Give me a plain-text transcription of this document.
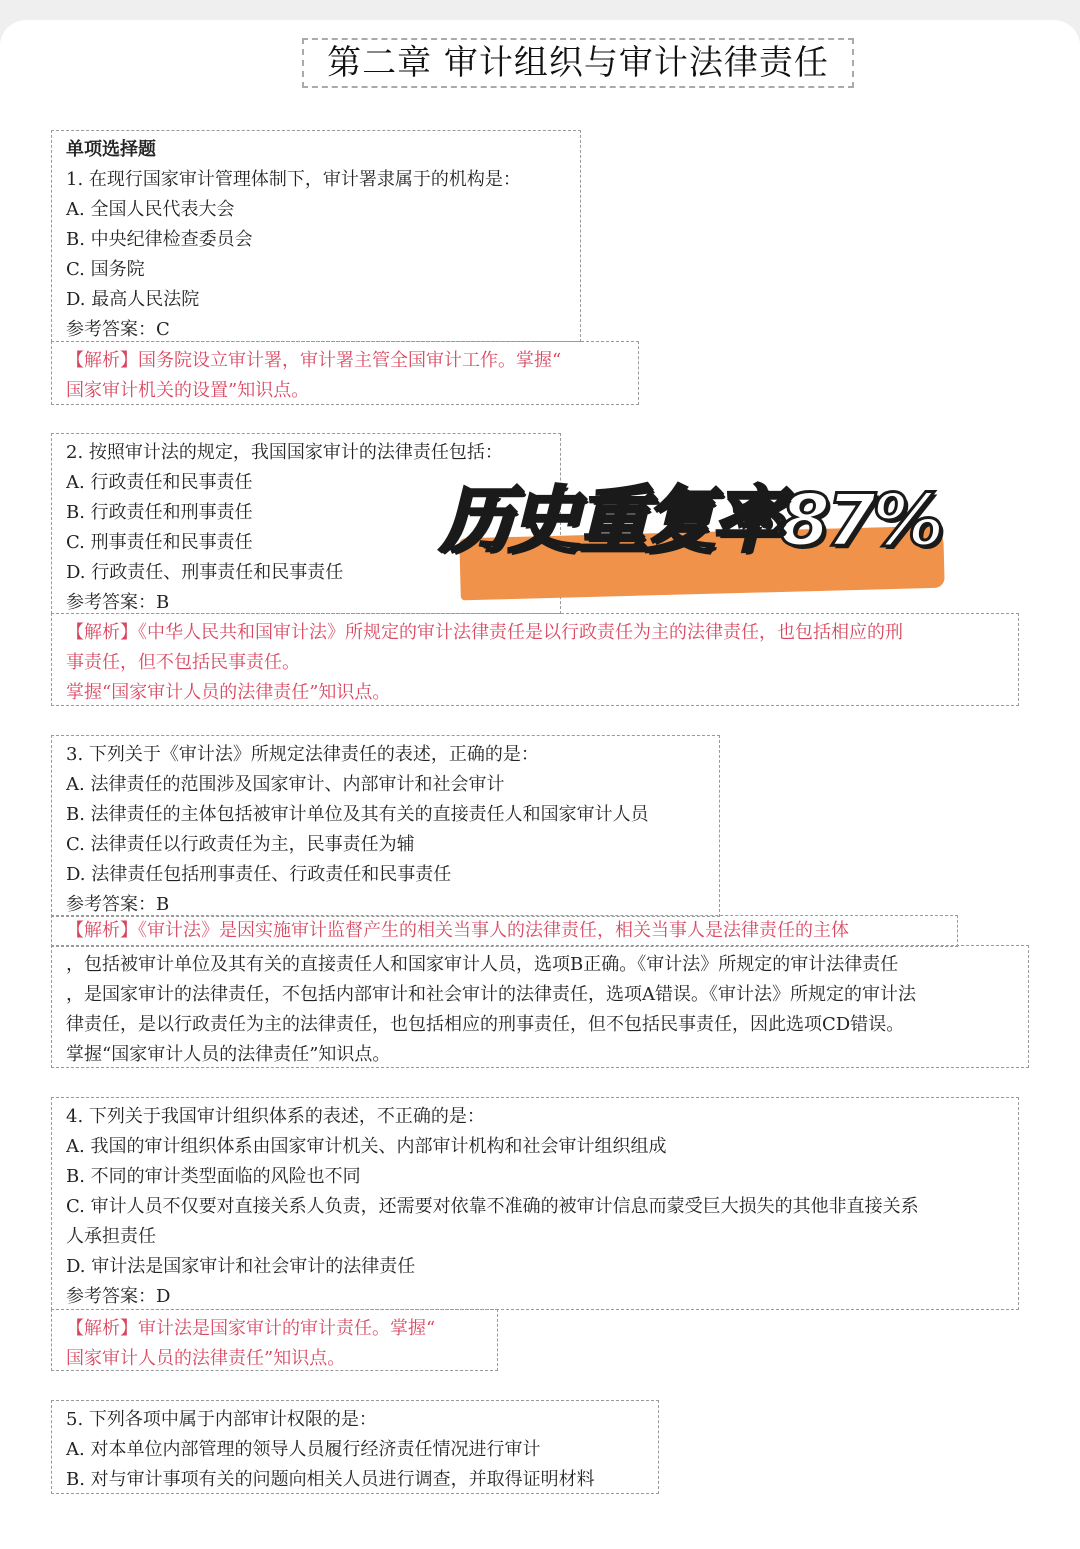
第二章 审计组织与审计法律责任
单项选择题
1. 在现行国家审计管理体制下，审计署隶属于的机构是：
A. 全国人民代表大会
B. 中央纪律检查委员会
C. 国务院
D. 最高人民法院
参考答案：C
【解析】国务院设立审计署，审计署主管全国审计工作。掌握“
国家审计机关的设置”知识点。
2. 按照审计法的规定，我国国家审计的法律责任包括：
A. 行政责任和民事责任
B. 行政责任和刑事责任
C. 刑事责任和民事责任
D. 行政责任、刑事责任和民事责任
参考答案：B
【解析】《中华人民共和国审计法》所规定的审计法律责任是以行政责任为主的法律责任，也包括相应的刑
事责任，但不包括民事责任。
掌握“国家审计人员的法律责任”知识点。
历史重复率87%
3. 下列关于《审计法》所规定法律责任的表述，正确的是：
A. 法律责任的范围涉及国家审计、内部审计和社会审计
B. 法律责任的主体包括被审计单位及其有关的直接责任人和国家审计人员
C. 法律责任以行政责任为主，民事责任为辅
D. 法律责任包括刑事责任、行政责任和民事责任
参考答案：B
【解析】《审计法》是因实施审计监督产生的相关当事人的法律责任，相关当事人是法律责任的主体
，包括被审计单位及其有关的直接责任人和国家审计人员，选项B正确。《审计法》所规定的审计法律责任
，是国家审计的法律责任，不包括内部审计和社会审计的法律责任，选项A错误。《审计法》所规定的审计法
律责任，是以行政责任为主的法律责任，也包括相应的刑事责任，但不包括民事责任，因此选项CD错误。
掌握“国家审计人员的法律责任”知识点。
4. 下列关于我国审计组织体系的表述，不正确的是：
A. 我国的审计组织体系由国家审计机关、内部审计机构和社会审计组织组成
B. 不同的审计类型面临的风险也不同
C. 审计人员不仅要对直接关系人负责，还需要对依靠不准确的被审计信息而蒙受巨大损失的其他非直接关系
人承担责任
D. 审计法是国家审计和社会审计的法律责任
参考答案：D
【解析】审计法是国家审计的审计责任。掌握“
国家审计人员的法律责任”知识点。
5. 下列各项中属于内部审计权限的是：
A. 对本单位内部管理的领导人员履行经济责任情况进行审计
B. 对与审计事项有关的问题向相关人员进行调查，并取得证明材料
